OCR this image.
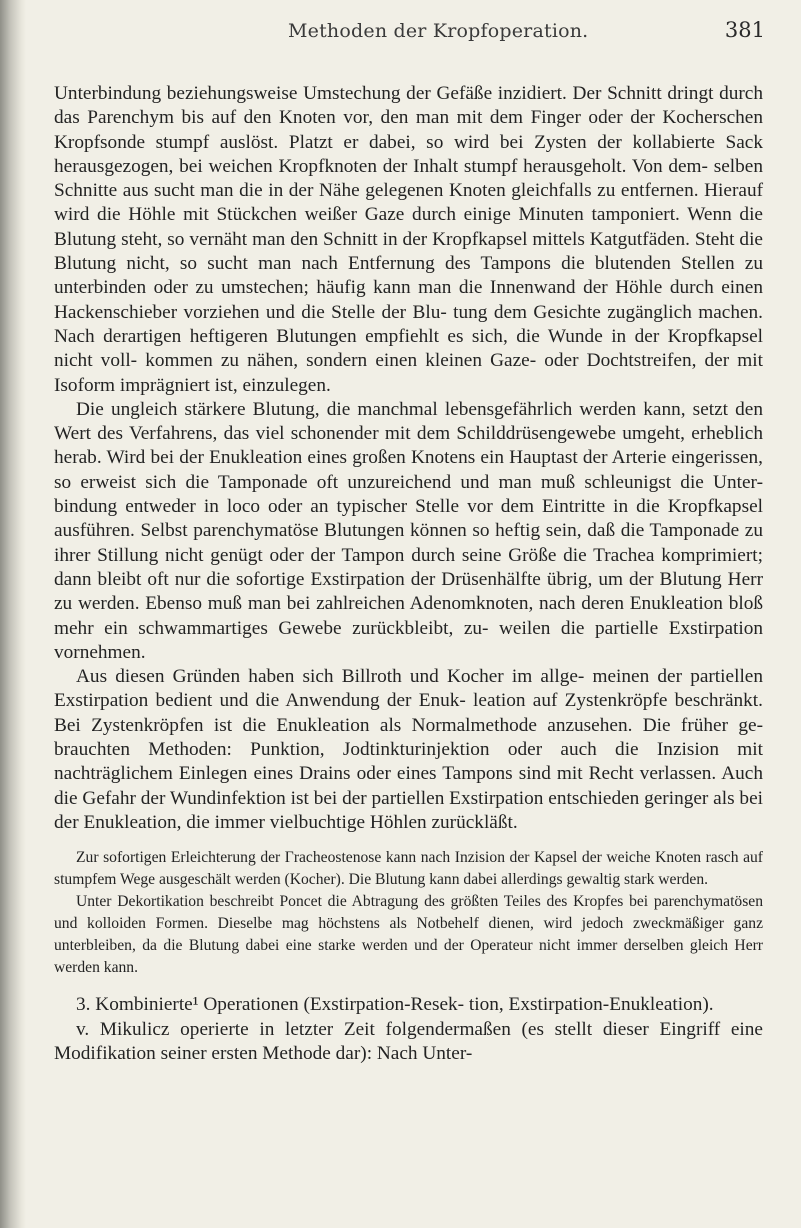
Methoden der Kropfoperation.	381

Unterbindung beziehungsweise Umstechung der Gefäße inzidiert. Der Schnitt dringt durch das Parenchym bis auf den Knoten vor, den man mit dem Finger oder der Kocherschen Kropfsonde stumpf auslöst. Platzt er dabei, so wird bei Zysten der kollabierte Sack herausgezogen, bei weichen Kropfknoten der Inhalt stumpf herausgeholt. Von dem- selben Schnitte aus sucht man die in der Nähe gelegenen Knoten gleichfalls zu entfernen. Hierauf wird die Höhle mit Stückchen weißer Gaze durch einige Minuten tamponiert. Wenn die Blutung steht, so vernäht man den Schnitt in der Kropfkapsel mittels Katgutfäden. Steht die Blutung nicht, so sucht man nach Entfernung des Tampons die blutenden Stellen zu unterbinden oder zu umstechen; häufig kann man die Innenwand der Höhle durch einen Hackenschieber vorziehen und die Stelle der Blu- tung dem Gesichte zugänglich machen. Nach derartigen heftigeren Blutungen empfiehlt es sich, die Wunde in der Kropfkapsel nicht voll- kommen zu nähen, sondern einen kleinen Gaze- oder Dochtstreifen, der mit Isoform imprägniert ist, einzulegen.

Die ungleich stärkere Blutung, die manchmal lebensgefährlich werden kann, setzt den Wert des Verfahrens, das viel schonender mit dem Schilddrüsengewebe umgeht, erheblich herab. Wird bei der Enukleation eines großen Knotens ein Hauptast der Arterie eingerissen, so erweist sich die Tamponade oft unzureichend und man muß schleunigst die Unter- bindung entweder in loco oder an typischer Stelle vor dem Eintritte in die Kropfkapsel ausführen. Selbst parenchymatöse Blutungen können so heftig sein, daß die Tamponade zu ihrer Stillung nicht genügt oder der Tampon durch seine Größe die Trachea komprimiert; dann bleibt oft nur die sofortige Exstirpation der Drüsenhälfte übrig, um der Blutung Herr zu werden. Ebenso muß man bei zahlreichen Adenomknoten, nach deren Enukleation bloß mehr ein schwammartiges Gewebe zurückbleibt, zu- weilen die partielle Exstirpation vornehmen.

Aus diesen Gründen haben sich Billroth und Kocher im allge- meinen der partiellen Exstirpation bedient und die Anwendung der Enuk- leation auf Zystenkröpfe beschränkt. Bei Zystenkröpfen ist die Enukleation als Normalmethode anzusehen. Die früher ge- brauchten Methoden: Punktion, Jodtinkturinjektion oder auch die Inzision mit nachträglichem Einlegen eines Drains oder eines Tampons sind mit Recht verlassen. Auch die Gefahr der Wundinfektion ist bei der partiellen Exstirpation entschieden geringer als bei der Enukleation, die immer vielbuchtige Höhlen zurückläßt.

Zur sofortigen Erleichterung der Γracheostenose kann nach Inzision der Kapsel der weiche Knoten rasch auf stumpfem Wege ausgeschält werden (Kocher). Die Blutung kann dabei allerdings gewaltig stark werden.

Unter Dekortikation beschreibt Poncet die Abtragung des größten Teiles des Kropfes bei parenchymatösen und kolloiden Formen. Dieselbe mag höchstens als Notbehelf dienen, wird jedoch zweckmäßiger ganz unterbleiben, da die Blutung dabei eine starke werden und der Operateur nicht immer derselben gleich Herr werden kann.

3. Kombinierte¹ Operationen (Exstirpation-Resek- tion, Exstirpation-Enukleation).

v. Mikulicz operierte in letzter Zeit folgendermaßen (es stellt dieser Eingriff eine Modifikation seiner ersten Methode dar): Nach Unter-
